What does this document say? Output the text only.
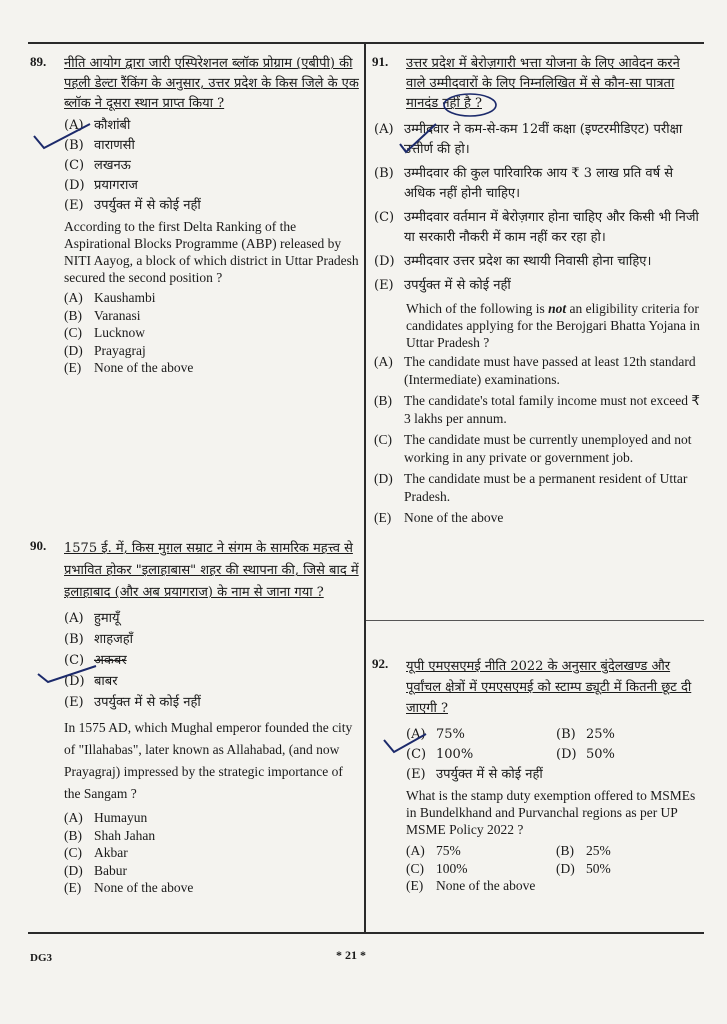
89. नीति आयोग द्वारा जारी एस्पिरेशनल ब्लॉक प्रोग्राम (एबीपी) की पहली डेल्टा रैंकिंग के अनुसार, उत्तर प्रदेश के किस जिले के एक ब्लॉक ने दूसरा स्थान प्राप्त किया ?
(A) कौशांबी
(B) वाराणसी
(C) लखनऊ
(D) प्रयागराज
(E) उपर्युक्त में से कोई नहीं
According to the first Delta Ranking of the Aspirational Blocks Programme (ABP) released by NITI Aayog, a block of which district in Uttar Pradesh secured the second position ?
(A) Kaushambi
(B) Varanasi
(C) Lucknow
(D) Prayagraj
(E) None of the above
90. 1575 ई. में, किस मुग़ल सम्राट ने संगम के सामरिक महत्त्व से प्रभावित होकर "इलाहाबास" शहर की स्थापना की, जिसे बाद में इलाहाबाद (और अब प्रयागराज) के नाम से जाना गया ?
(A) हुमायूँ
(B) शाहजहाँ
(C) अकबर
(D) बाबर
(E) उपर्युक्त में से कोई नहीं
In 1575 AD, which Mughal emperor founded the city of "Illahabas", later known as Allahabad, (and now Prayagraj) impressed by the strategic importance of the Sangam ?
(A) Humayun
(B) Shah Jahan
(C) Akbar
(D) Babur
(E) None of the above
91. उत्तर प्रदेश में बेरोज़गारी भत्ता योजना के लिए आवेदन करने वाले उम्मीदवारों के लिए निम्नलिखित में से कौन-सा पात्रता मानदंड नहीं है ?
(A) उम्मीदवार ने कम-से-कम 12वीं कक्षा (इण्टरमीडिएट) परीक्षा उत्तीर्ण की हो।
(B) उम्मीदवार की कुल पारिवारिक आय ₹ 3 लाख प्रति वर्ष से अधिक नहीं होनी चाहिए।
(C) उम्मीदवार वर्तमान में बेरोज़गार होना चाहिए और किसी भी निजी या सरकारी नौकरी में काम नहीं कर रहा हो।
(D) उम्मीदवार उत्तर प्रदेश का स्थायी निवासी होना चाहिए।
(E) उपर्युक्त में से कोई नहीं
Which of the following is not an eligibility criteria for candidates applying for the Berojgari Bhatta Yojana in Uttar Pradesh ?
(A) The candidate must have passed at least 12th standard (Intermediate) examinations.
(B) The candidate's total family income must not exceed ₹ 3 lakhs per annum.
(C) The candidate must be currently unemployed and not working in any private or government job.
(D) The candidate must be a permanent resident of Uttar Pradesh.
(E) None of the above
92. यूपी एमएसएमई नीति 2022 के अनुसार बुंदेलखण्ड और पूर्वांचल क्षेत्रों में एमएसएमई को स्टाम्प ड्यूटी में कितनी छूट दी जाएगी ?
(A) 75%	(B) 25%
(C) 100%	(D) 50%
(E) उपर्युक्त में से कोई नहीं
What is the stamp duty exemption offered to MSMEs in Bundelkhand and Purvanchal regions as per UP MSME Policy 2022 ?
(A) 75%	(B) 25%
(C) 100%	(D) 50%
(E) None of the above
DG3	* 21 *
